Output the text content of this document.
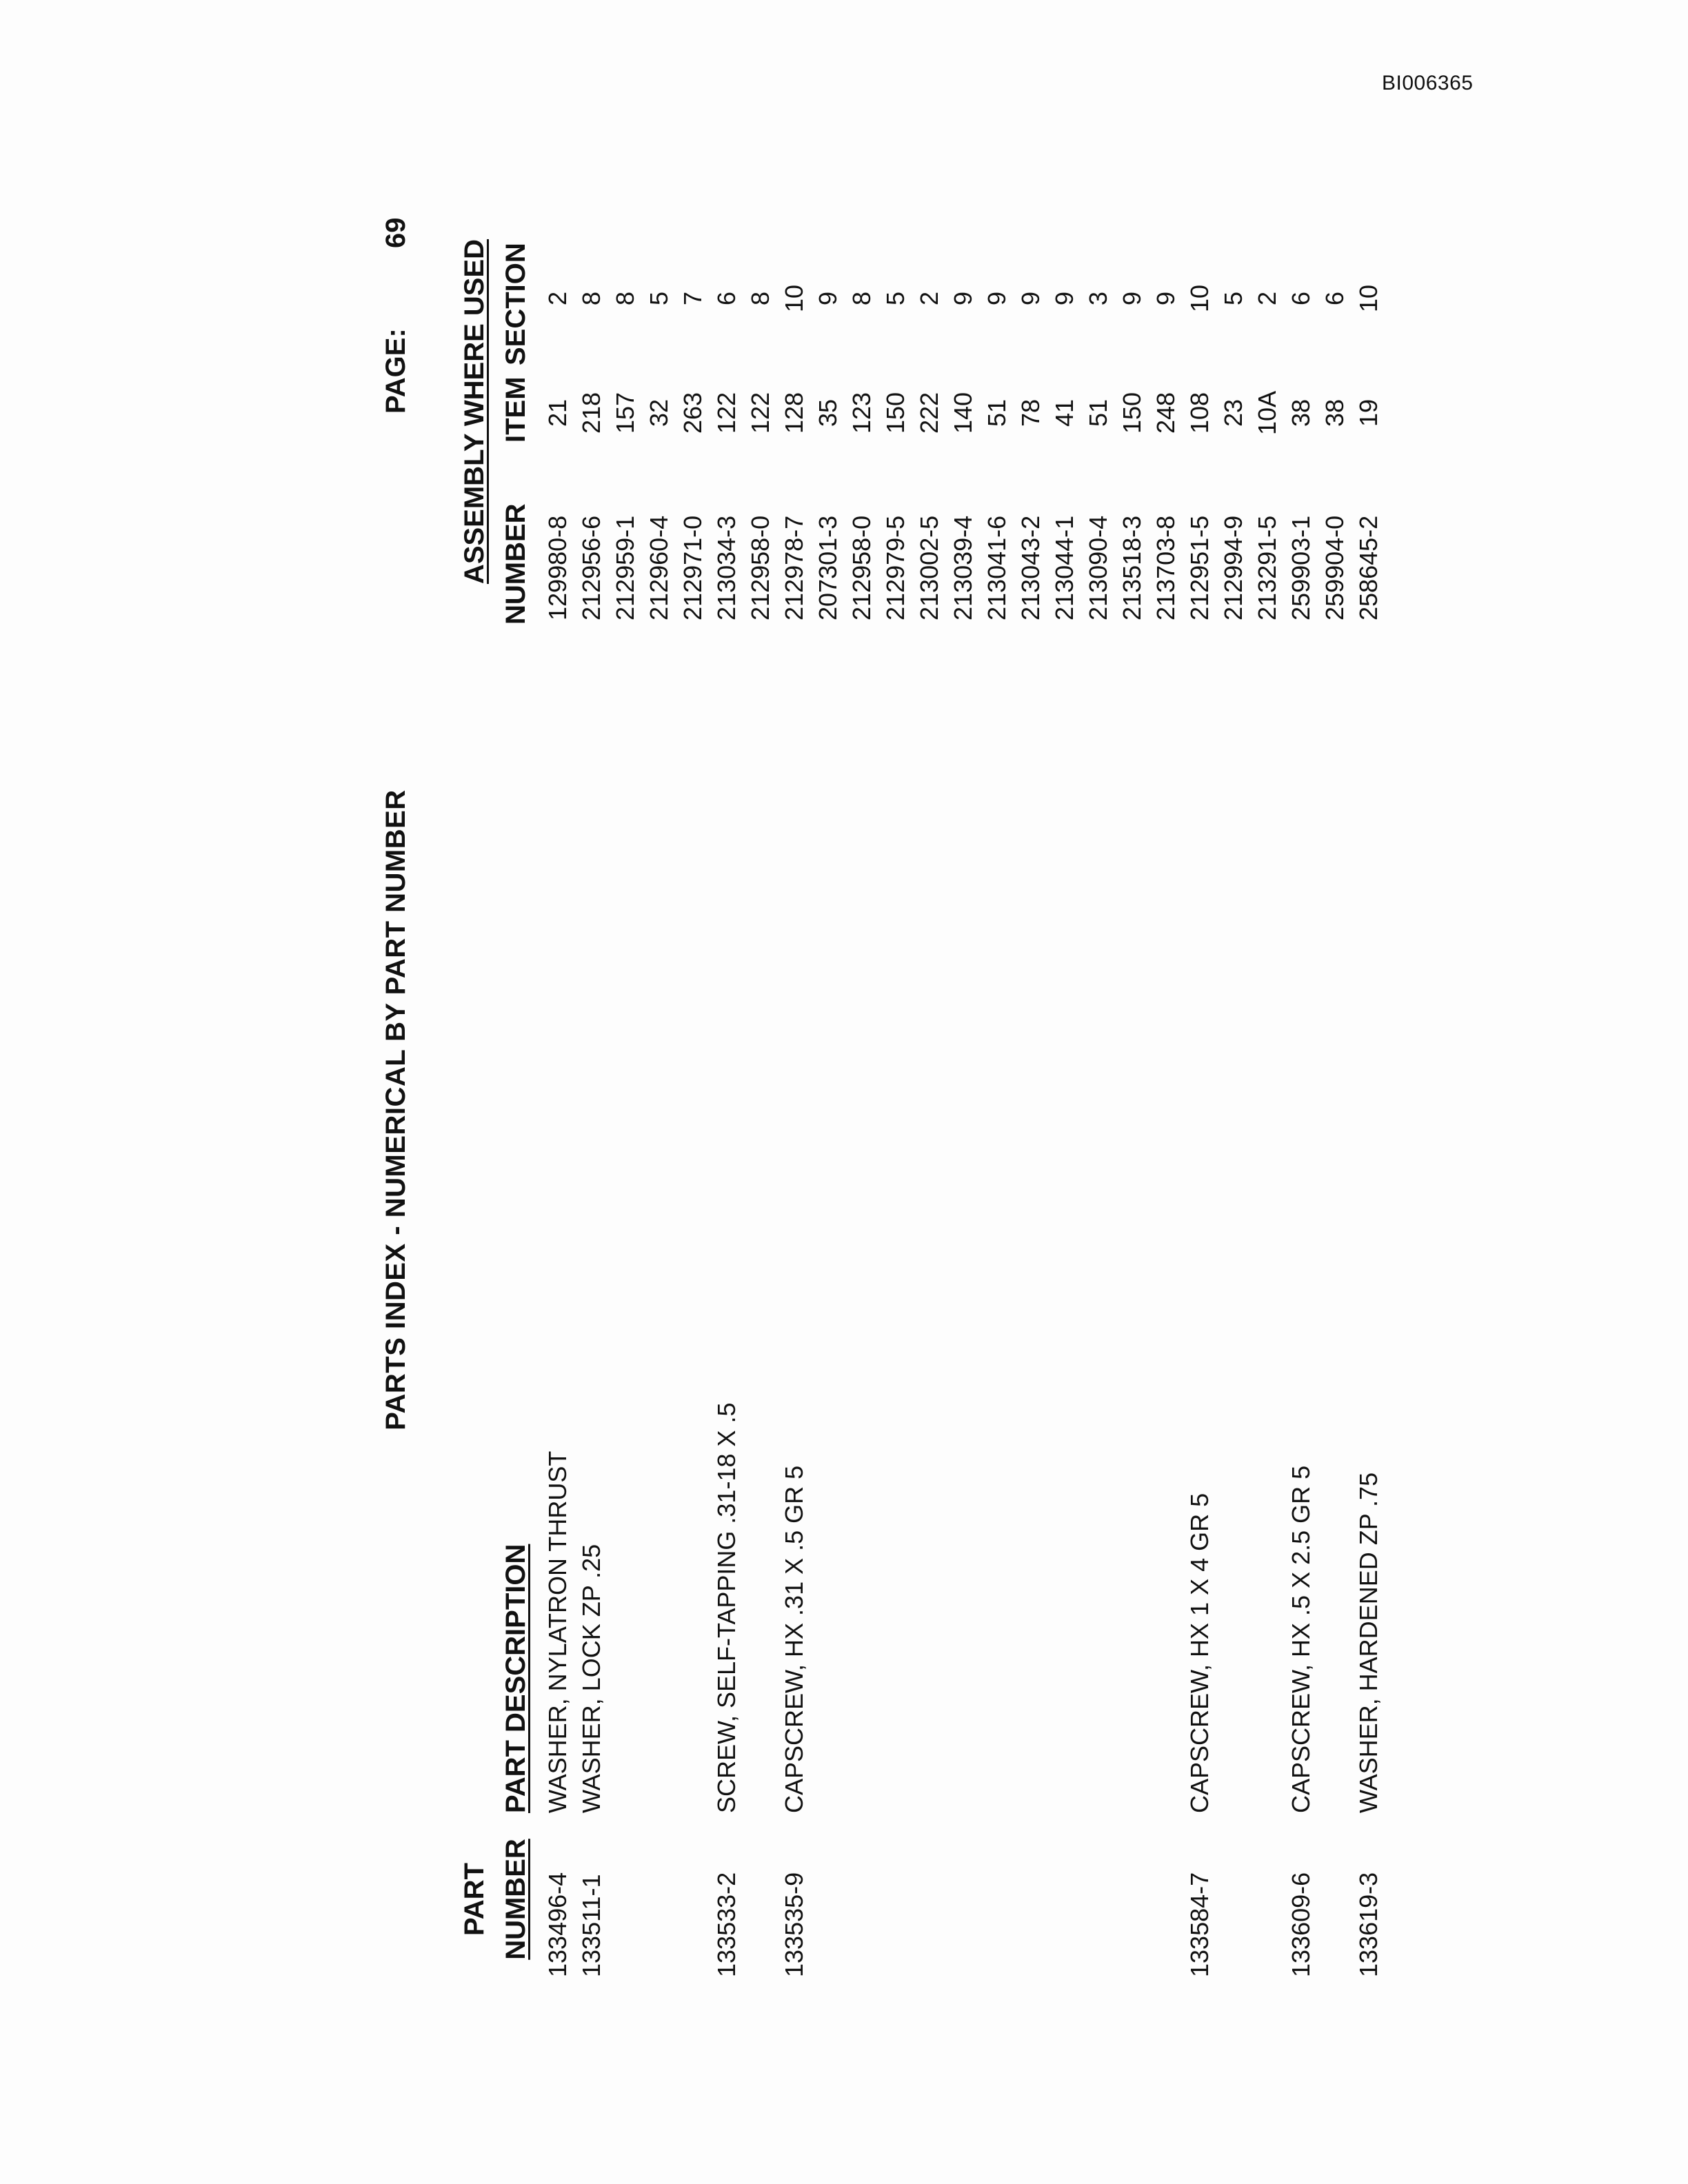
BI006365
PARTS INDEX - NUMERICAL BY PART NUMBER
PAGE:
69
PART NUMBER
PART DESCRIPTION
ASSEMBLY WHERE USED NUMBER
ITEM
SECTION
133496-4
WASHER, NYLATRON THRUST
129980-8
21
2
133511-1
WASHER, LOCK ZP .25
212956-6
218
8
212959-1
157
8
212960-4
32
5
212971-0
263
7
133533-2
SCREW, SELF-TAPPING .31-18 X .5
213034-3
122
6
212958-0
122
8
133535-9
CAPSCREW, HX .31 X .5 GR 5
212978-7
128
10
207301-3
35
9
212958-0
123
8
212979-5
150
5
213002-5
222
2
213039-4
140
9
213041-6
51
9
213043-2
78
9
213044-1
41
9
213090-4
51
3
213518-3
150
9
213703-8
248
9
133584-7
CAPSCREW, HX 1 X 4 GR 5
212951-5
108
10
212994-9
23
5
213291-5
10A
2
133609-6
CAPSCREW, HX .5 X 2.5 GR 5
259903-1
38
6
259904-0
38
6
133619-3
WASHER, HARDENED ZP .75
258645-2
19
10
